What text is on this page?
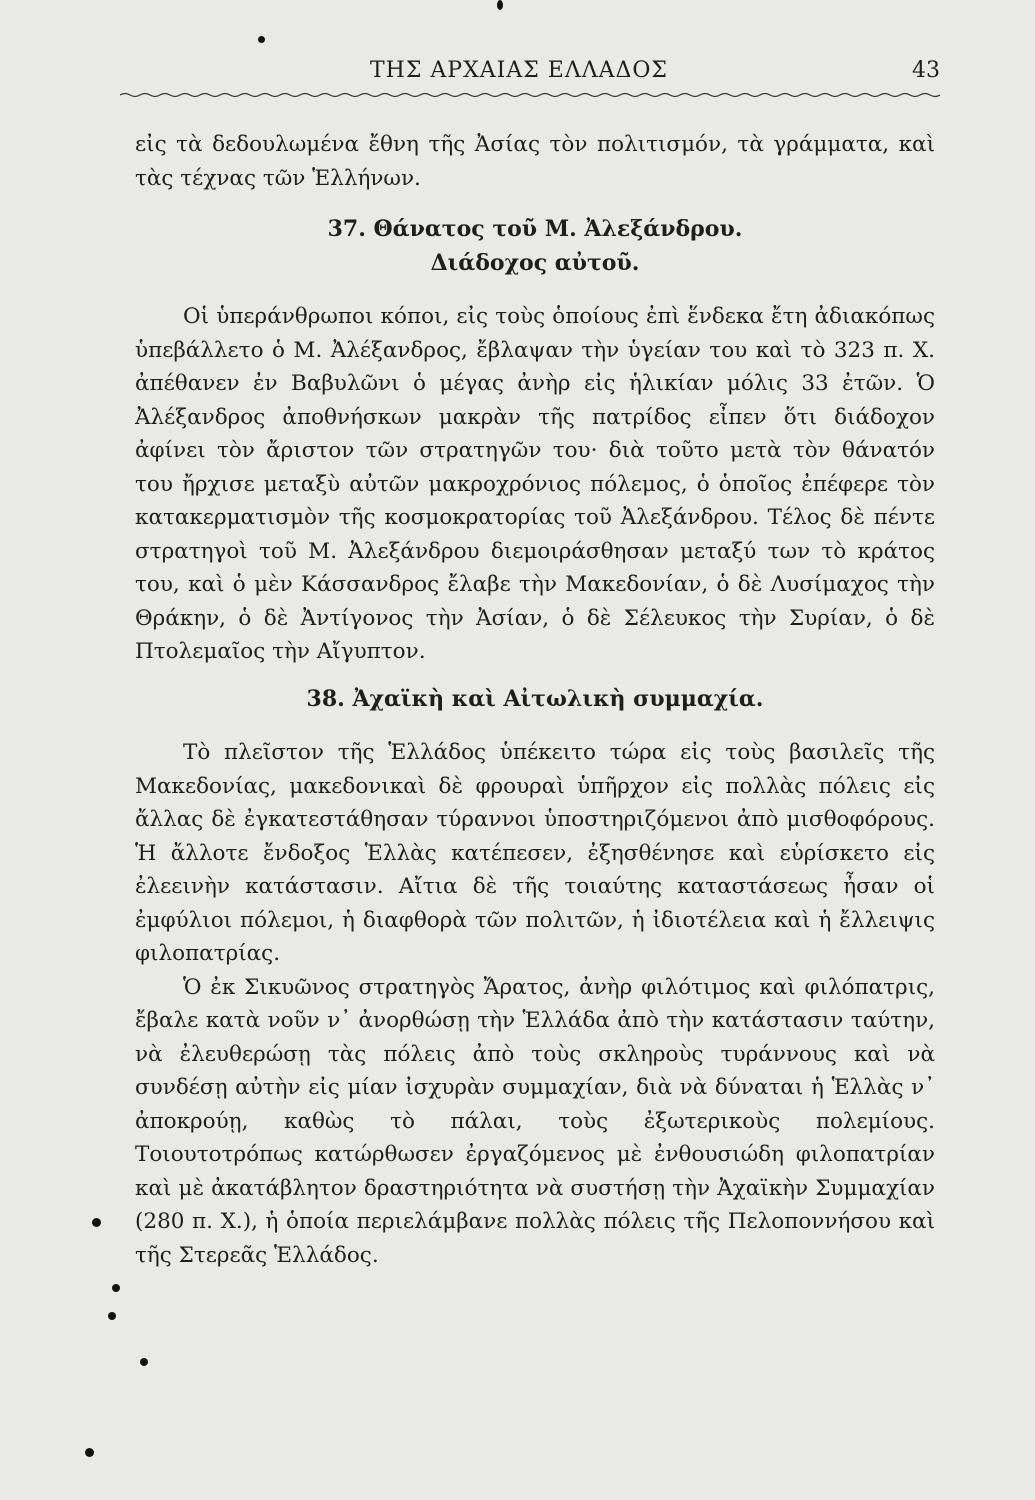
ΤΗΣ ΑΡΧΑΙΑΣ ΕΛΛΑΔΟΣ	43

εἰς τὰ δεδουλωμένα ἔθνη τῆς Ἀσίας τὸν πολιτισμόν, τὰ γράμματα, καὶ τὰς τέχνας τῶν Ἑλλήνων.

37. Θάνατος τοῦ Μ. Ἀλεξάνδρου.

Διάδοχος αὐτοῦ.

Οἱ ὑπεράνθρωποι κόποι, εἰς τοὺς ὁποίους ἐπὶ ἕνδεκα ἔτη ἀδιακόπως ὑπεβάλλετο ὁ Μ. Ἀλέξανδρος, ἔβλαψαν τὴν ὑγείαν του καὶ τὸ 323 π. Χ. ἀπέθανεν ἐν Βαβυλῶνι ὁ μέγας ἀνὴρ εἰς ἡλικίαν μόλις 33 ἐτῶν. Ὁ Ἀλέξανδρος ἀποθνήσκων μακρὰν τῆς πατρίδος εἶπεν ὅτι διάδοχον ἀφίνει τὸν ἄριστον τῶν στρατηγῶν του· διὰ τοῦτο μετὰ τὸν θάνατόν του ἤρχισε μεταξὺ αὐτῶν μακροχρόνιος πόλεμος, ὁ ὁποῖος ἐπέφερε τὸν κατακερματισμὸν τῆς κοσμοκρατορίας τοῦ Ἀλεξάνδρου. Τέλος δὲ πέντε στρατηγοὶ τοῦ Μ. Ἀλεξάνδρου διεμοιράσθησαν μεταξύ των τὸ κράτος του, καὶ ὁ μὲν Κάσσανδρος ἔλαβε τὴν Μακεδονίαν, ὁ δὲ Λυσίμαχος τὴν Θράκην, ὁ δὲ Ἀντίγονος τὴν Ἀσίαν, ὁ δὲ Σέλευκος τὴν Συρίαν, ὁ δὲ Πτολεμαῖος τὴν Αἴγυπτον.

38. Ἀχαϊκὴ καὶ Αἰτωλικὴ συμμαχία.

Τὸ πλεῖστον τῆς Ἑλλάδος ὑπέκειτο τώρα εἰς τοὺς βασιλεῖς τῆς Μακεδονίας, μακεδονικαὶ δὲ φρουραὶ ὑπῆρχον εἰς πολλὰς πόλεις εἰς ἄλλας δὲ ἐγκατεστάθησαν τύραννοι ὑποστηριζόμενοι ἀπὸ μισθοφόρους. Ἡ ἄλλοτε ἔνδοξος Ἑλλὰς κατέπεσεν, ἐξησθένησε καὶ εὑρίσκετο εἰς ἐλεεινὴν κατάστασιν. Αἴτια δὲ τῆς τοιαύτης καταστάσεως ἦσαν οἱ ἐμφύλιοι πόλεμοι, ἡ διαφθορὰ τῶν πολιτῶν, ἡ ἰδιοτέλεια καὶ ἡ ἔλλειψις φιλοπατρίας.

Ὁ ἐκ Σικυῶνος στρατηγὸς Ἄρατος, ἀνὴρ φιλότιμος καὶ φιλόπατρις, ἔβαλε κατὰ νοῦν ν᾽ ἀνορθώσῃ τὴν Ἑλλάδα ἀπὸ τὴν κατάστασιν ταύτην, νὰ ἐλευθερώσῃ τὰς πόλεις ἀπὸ τοὺς σκληροὺς τυράννους καὶ νὰ συνδέσῃ αὐτὴν εἰς μίαν ἰσχυρὰν συμμαχίαν, διὰ νὰ δύναται ἡ Ἑλλὰς ν᾽ ἀποκρούῃ, καθὼς τὸ πάλαι, τοὺς ἐξωτερικοὺς πολεμίους. Τοιουτοτρόπως κατώρθωσεν ἐργαζόμενος μὲ ἐνθουσιώδη φιλοπατρίαν καὶ μὲ ἀκατάβλητον δραστηριότητα νὰ συστήσῃ τὴν Ἀχαϊκὴν Συμμαχίαν (280 π. Χ.), ἡ ὁποία περιελάμβανε πολλὰς πόλεις τῆς Πελοποννήσου καὶ τῆς Στερεᾶς Ἑλλάδος.
